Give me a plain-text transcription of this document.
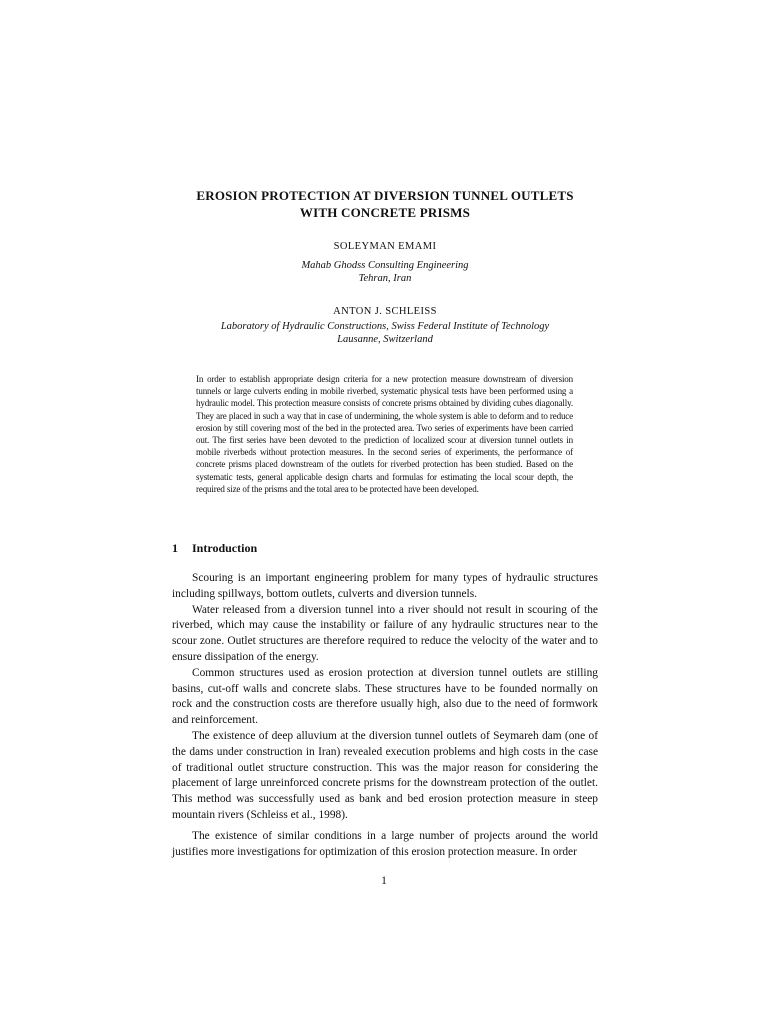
EROSION PROTECTION AT DIVERSION TUNNEL OUTLETS
WITH CONCRETE PRISMS
SOLEYMAN EMAMI
Mahab Ghodss Consulting Engineering
Tehran, Iran
ANTON J. SCHLEISS
Laboratory of Hydraulic Constructions, Swiss Federal Institute of Technology
Lausanne, Switzerland
In order to establish appropriate design criteria for a new protection measure downstream of diversion tunnels or large culverts ending in mobile riverbed, systematic physical tests have been performed using a hydraulic model. This protection measure consists of concrete prisms obtained by dividing cubes diagonally. They are placed in such a way that in case of undermining, the whole system is able to deform and to reduce erosion by still covering most of the bed in the protected area. Two series of experiments have been carried out. The first series have been devoted to the prediction of localized scour at diversion tunnel outlets in mobile riverbeds without protection measures. In the second series of experiments, the performance of concrete prisms placed downstream of the outlets for riverbed protection has been studied. Based on the systematic tests, general applicable design charts and formulas for estimating the local scour depth, the required size of the prisms and the total area to be protected have been developed.
1 Introduction

Scouring is an important engineering problem for many types of hydraulic structures including spillways, bottom outlets, culverts and diversion tunnels.

Water released from a diversion tunnel into a river should not result in scouring of the riverbed, which may cause the instability or failure of any hydraulic structures near to the scour zone. Outlet structures are therefore required to reduce the velocity of the water and to ensure dissipation of the energy.

Common structures used as erosion protection at diversion tunnel outlets are stilling basins, cut-off walls and concrete slabs. These structures have to be founded normally on rock and the construction costs are therefore usually high, also due to the need of formwork and reinforcement.

The existence of deep alluvium at the diversion tunnel outlets of Seymareh dam (one of the dams under construction in Iran) revealed execution problems and high costs in the case of traditional outlet structure construction. This was the major reason for considering the placement of large unreinforced concrete prisms for the downstream protection of the outlet. This method was successfully used as bank and bed erosion protection measure in steep mountain rivers (Schleiss et al., 1998).

The existence of similar conditions in a large number of projects around the world justifies more investigations for optimization of this erosion protection measure. In order

1
